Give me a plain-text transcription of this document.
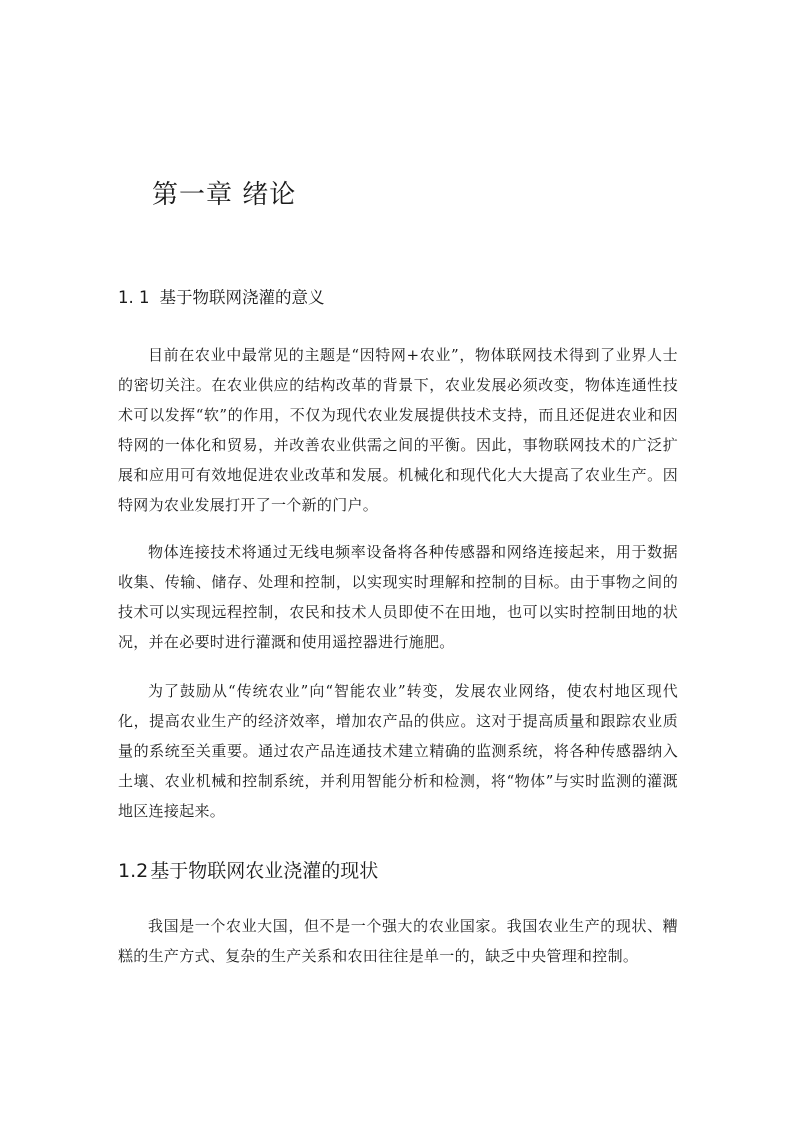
第一章 绪论
1. 1 基于物联网浇灌的意义

目前在农业中最常见的主题是“因特网+农业”，物体联网技术得到了业界人士的密切关注。在农业供应的结构改革的背景下，农业发展必须改变，物体连通性技术可以发挥“软”的作用，不仅为现代农业发展提供技术支持，而且还促进农业和因特网的一体化和贸易，并改善农业供需之间的平衡。因此，事物联网技术的广泛扩展和应用可有效地促进农业改革和发展。机械化和现代化大大提高了农业生产。因特网为农业发展打开了一个新的门户。

物体连接技术将通过无线电频率设备将各种传感器和网络连接起来，用于数据收集、传输、储存、处理和控制，以实现实时理解和控制的目标。由于事物之间的技术可以实现远程控制，农民和技术人员即使不在田地，也可以实时控制田地的状况，并在必要时进行灌溉和使用遥控器进行施肥。

为了鼓励从“传统农业”向“智能农业”转变，发展农业网络，使农村地区现代化，提高农业生产的经济效率，增加农产品的供应。这对于提高质量和跟踪农业质量的系统至关重要。通过农产品连通技术建立精确的监测系统，将各种传感器纳入土壤、农业机械和控制系统，并利用智能分析和检测，将“物体”与实时监测的灌溉地区连接起来。

1.2 基于物联网农业浇灌的现状

我国是一个农业大国，但不是一个强大的农业国家。我国农业生产的现状、糟糕的生产方式、复杂的生产关系和农田往往是单一的，缺乏中央管理和控制。
